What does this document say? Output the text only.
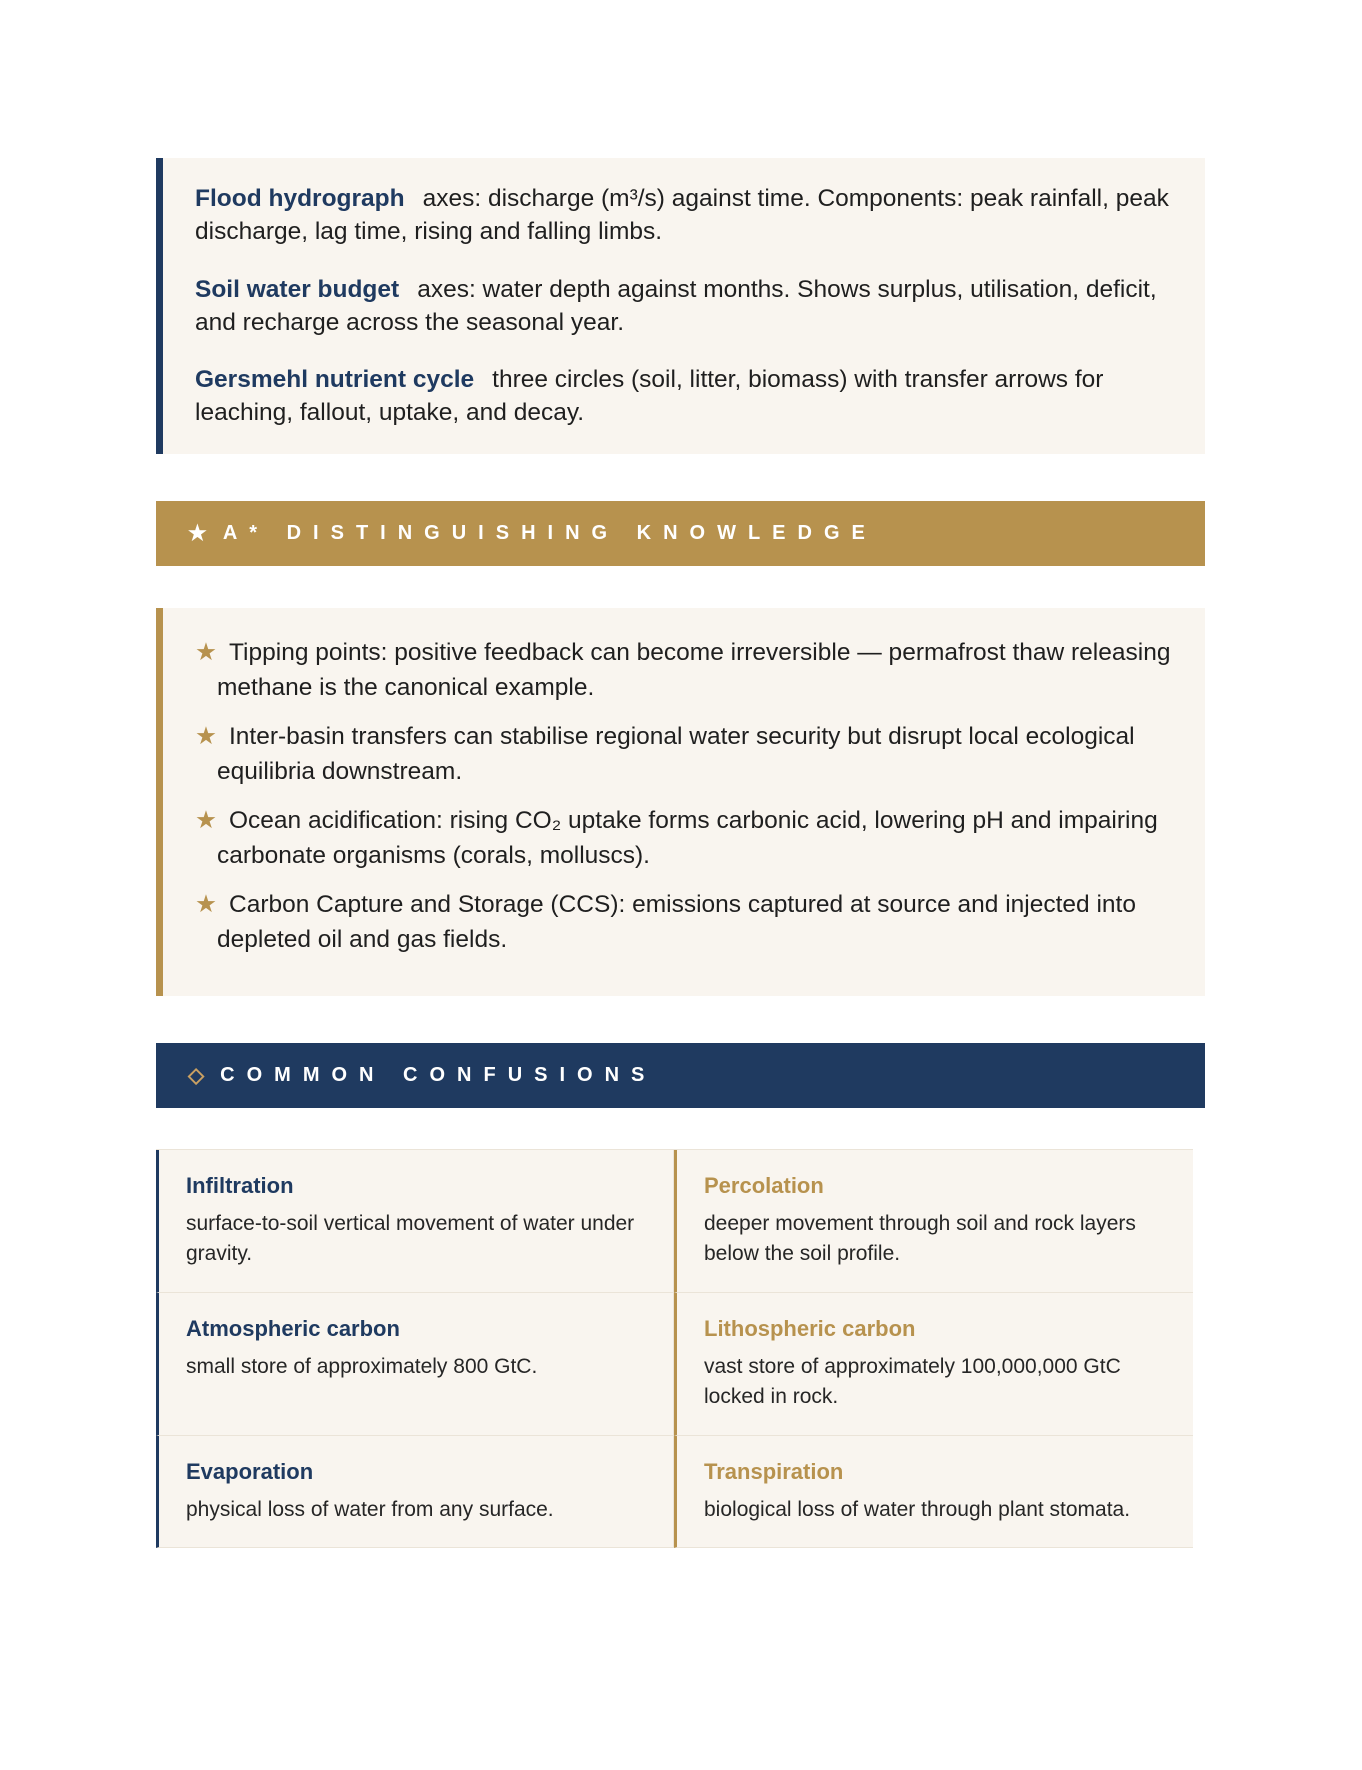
Flood hydrograph axes: discharge (m³/s) against time. Components: peak rainfall, peak discharge, lag time, rising and falling limbs.

Soil water budget axes: water depth against months. Shows surplus, utilisation, deficit, and recharge across the seasonal year.

Gersmehl nutrient cycle three circles (soil, litter, biomass) with transfer arrows for leaching, fallout, uptake, and decay.

★ A* DISTINGUISHING KNOWLEDGE
★ Tipping points: positive feedback can become irreversible — permafrost thaw releasing methane is the canonical example.
★ Inter-basin transfers can stabilise regional water security but disrupt local ecological equilibria downstream.
★ Ocean acidification: rising CO₂ uptake forms carbonic acid, lowering pH and impairing carbonate organisms (corals, molluscs).
★ Carbon Capture and Storage (CCS): emissions captured at source and injected into depleted oil and gas fields.
◇ COMMON CONFUSIONS
Infiltration
surface-to-soil vertical movement of water under gravity.
Percolation
deeper movement through soil and rock layers below the soil profile.
Atmospheric carbon
small store of approximately 800 GtC.
Lithospheric carbon
vast store of approximately 100,000,000 GtC locked in rock.
Evaporation
physical loss of water from any surface.
Transpiration
biological loss of water through plant stomata.
